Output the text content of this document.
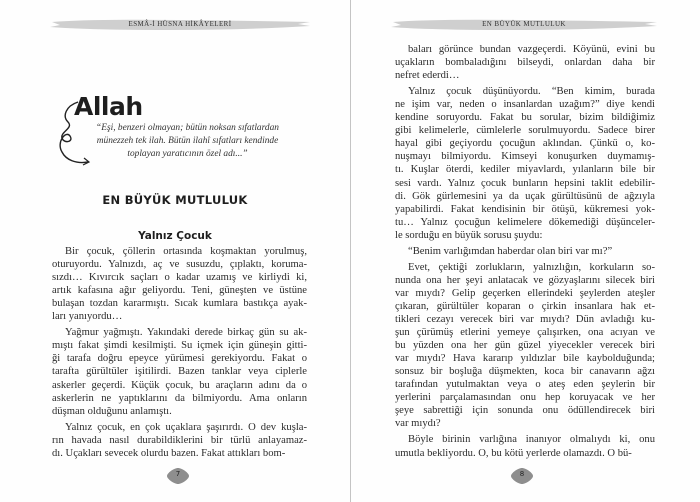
ESMÂ-İ HÜSNA HİKÂYELERİ
Allah
“Eşi, benzeri olmayan; bütün noksan sıfatlardan
münezzeh tek ilah. Bütün ilahî sıfatları kendinde
toplayan yaratıcının özel adı...”
EN BÜYÜK MUTLULUK
Yalnız Çocuk
Bir çocuk, çöllerin ortasında koşmaktan yorulmuş,
oturuyordu. Yalnızdı, aç ve susuzdu, çıplaktı, koruma-
sızdı… Kıvırcık saçları o kadar uzamış ve kirliydi ki,
artık kafasına ağır geliyordu. Teni, güneşten ve üstüne
bulaşan tozdan kararmıştı. Sıcak kumlara bastıkça ayak-
ları yanıyordu…
Yağmur yağmıştı. Yakındaki derede birkaç gün su ak-
mıştı fakat şimdi kesilmişti. Su içmek için güneşin gitti-
ği tarafa doğru epeyce yürümesi gerekiyordu. Fakat o
tarafta gürültüler işitilirdi. Bazen tanklar veya ciplerle
askerler geçerdi. Küçük çocuk, bu araçların adını da o
askerlerin ne yaptıklarını da bilmiyordu. Ama onların
düşman olduğunu anlamıştı.
Yalnız çocuk, en çok uçaklara şaşırırdı. O dev kuşla-
rın havada nasıl durabildiklerini bir türlü anlayamaz-
dı. Uçakları sevecek olurdu bazen. Fakat attıkları bom-
7
EN BÜYÜK MUTLULUK
baları görünce bundan vazgeçerdi. Köyünü, evini bu
uçakların bombaladığını bilseydi, onlardan daha bir
nefret ederdi…
Yalnız çocuk düşünüyordu. “Ben kimim, burada
ne işim var, neden o insanlardan uzağım?” diye kendi
kendine soruyordu. Fakat bu sorular, bizim bildiğimiz
gibi kelimelerle, cümlelerle sorulmuyordu. Sadece birer
hayal gibi geçiyordu çocuğun aklından. Çünkü o, ko-
nuşmayı bilmiyordu. Kimseyi konuşurken duymamış-
tı. Kuşlar öterdi, kediler miyavlardı, yılanların bile bir
sesi vardı. Yalnız çocuk bunların hepsini taklit edebilir-
di. Gök gürlemesini ya da uçak gürültüsünü de ağzıyla
yapabilirdi. Fakat kendisinin bir ötüşü, kükremesi yok-
tu… Yalnız çocuğun kelimelere dökemediği düşünceler-
le sorduğu en büyük sorusu şuydu:
“Benim varlığımdan haberdar olan biri var mı?”
Evet, çektiği zorlukların, yalnızlığın, korkuların so-
nunda ona her şeyi anlatacak ve gözyaşlarını silecek biri
var mıydı? Gelip geçerken ellerindeki şeylerden ateşler
çıkaran, gürültüler koparan o çirkin insanlara hak et-
tikleri cezayı verecek biri var mıydı? Dün avladığı ku-
şun çürümüş etlerini yemeye çalışırken, ona acıyan ve
bu yüzden ona her gün güzel yiyecekler verecek biri
var mıydı? Hava kararıp yıldızlar bile kaybolduğunda;
sonsuz bir boşluğa düşmekten, koca bir canavarın ağzı
tarafından yutulmaktan veya o ateş eden şeylerin bir
yerlerini parçalamasından onu hep koruyacak ve her
şeye sabrettiği için sonunda onu ödüllendirecek biri
var mıydı?
Böyle birinin varlığına inanıyor olmalıydı ki, onu
umutla bekliyordu. O, bu kötü yerlerde olamazdı. O bü-
8
